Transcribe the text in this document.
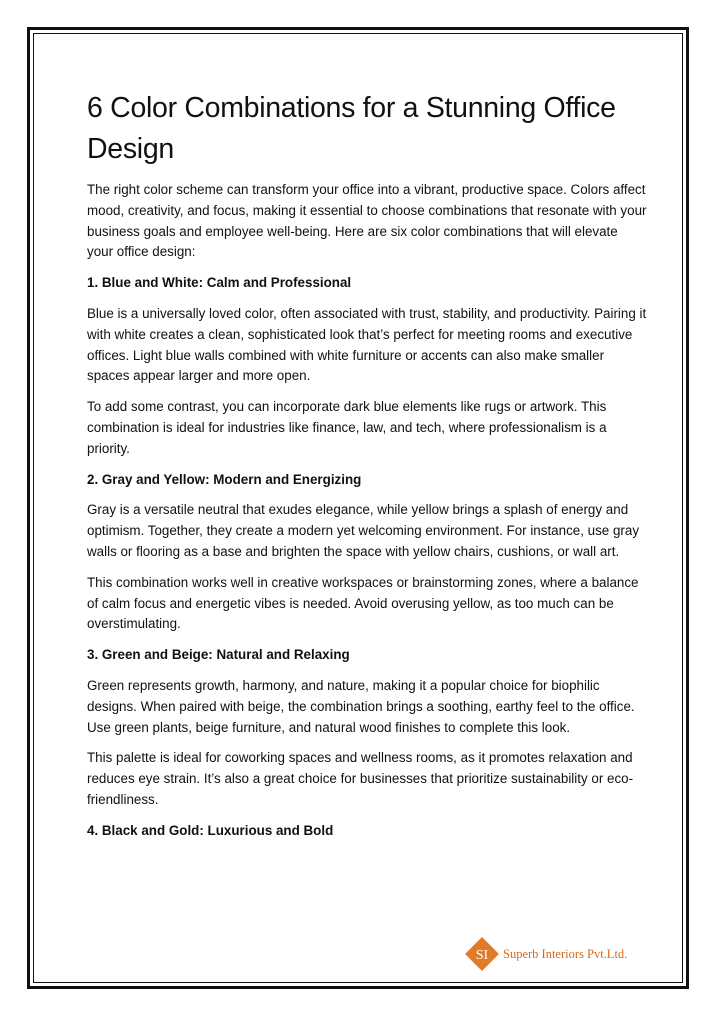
6 Color Combinations for a Stunning Office Design

The right color scheme can transform your office into a vibrant, productive space. Colors affect mood, creativity, and focus, making it essential to choose combinations that resonate with your business goals and employee well-being. Here are six color combinations that will elevate your office design:

1. Blue and White: Calm and Professional

Blue is a universally loved color, often associated with trust, stability, and productivity. Pairing it with white creates a clean, sophisticated look that’s perfect for meeting rooms and executive offices. Light blue walls combined with white furniture or accents can also make smaller spaces appear larger and more open.

To add some contrast, you can incorporate dark blue elements like rugs or artwork. This combination is ideal for industries like finance, law, and tech, where professionalism is a priority.

2. Gray and Yellow: Modern and Energizing

Gray is a versatile neutral that exudes elegance, while yellow brings a splash of energy and optimism. Together, they create a modern yet welcoming environment. For instance, use gray walls or flooring as a base and brighten the space with yellow chairs, cushions, or wall art.

This combination works well in creative workspaces or brainstorming zones, where a balance of calm focus and energetic vibes is needed. Avoid overusing yellow, as too much can be overstimulating.

3. Green and Beige: Natural and Relaxing

Green represents growth, harmony, and nature, making it a popular choice for biophilic designs. When paired with beige, the combination brings a soothing, earthy feel to the office. Use green plants, beige furniture, and natural wood finishes to complete this look.

This palette is ideal for coworking spaces and wellness rooms, as it promotes relaxation and reduces eye strain. It’s also a great choice for businesses that prioritize sustainability or eco-friendliness.

4. Black and Gold: Luxurious and Bold

SI Superb Interiors Pvt.Ltd.
